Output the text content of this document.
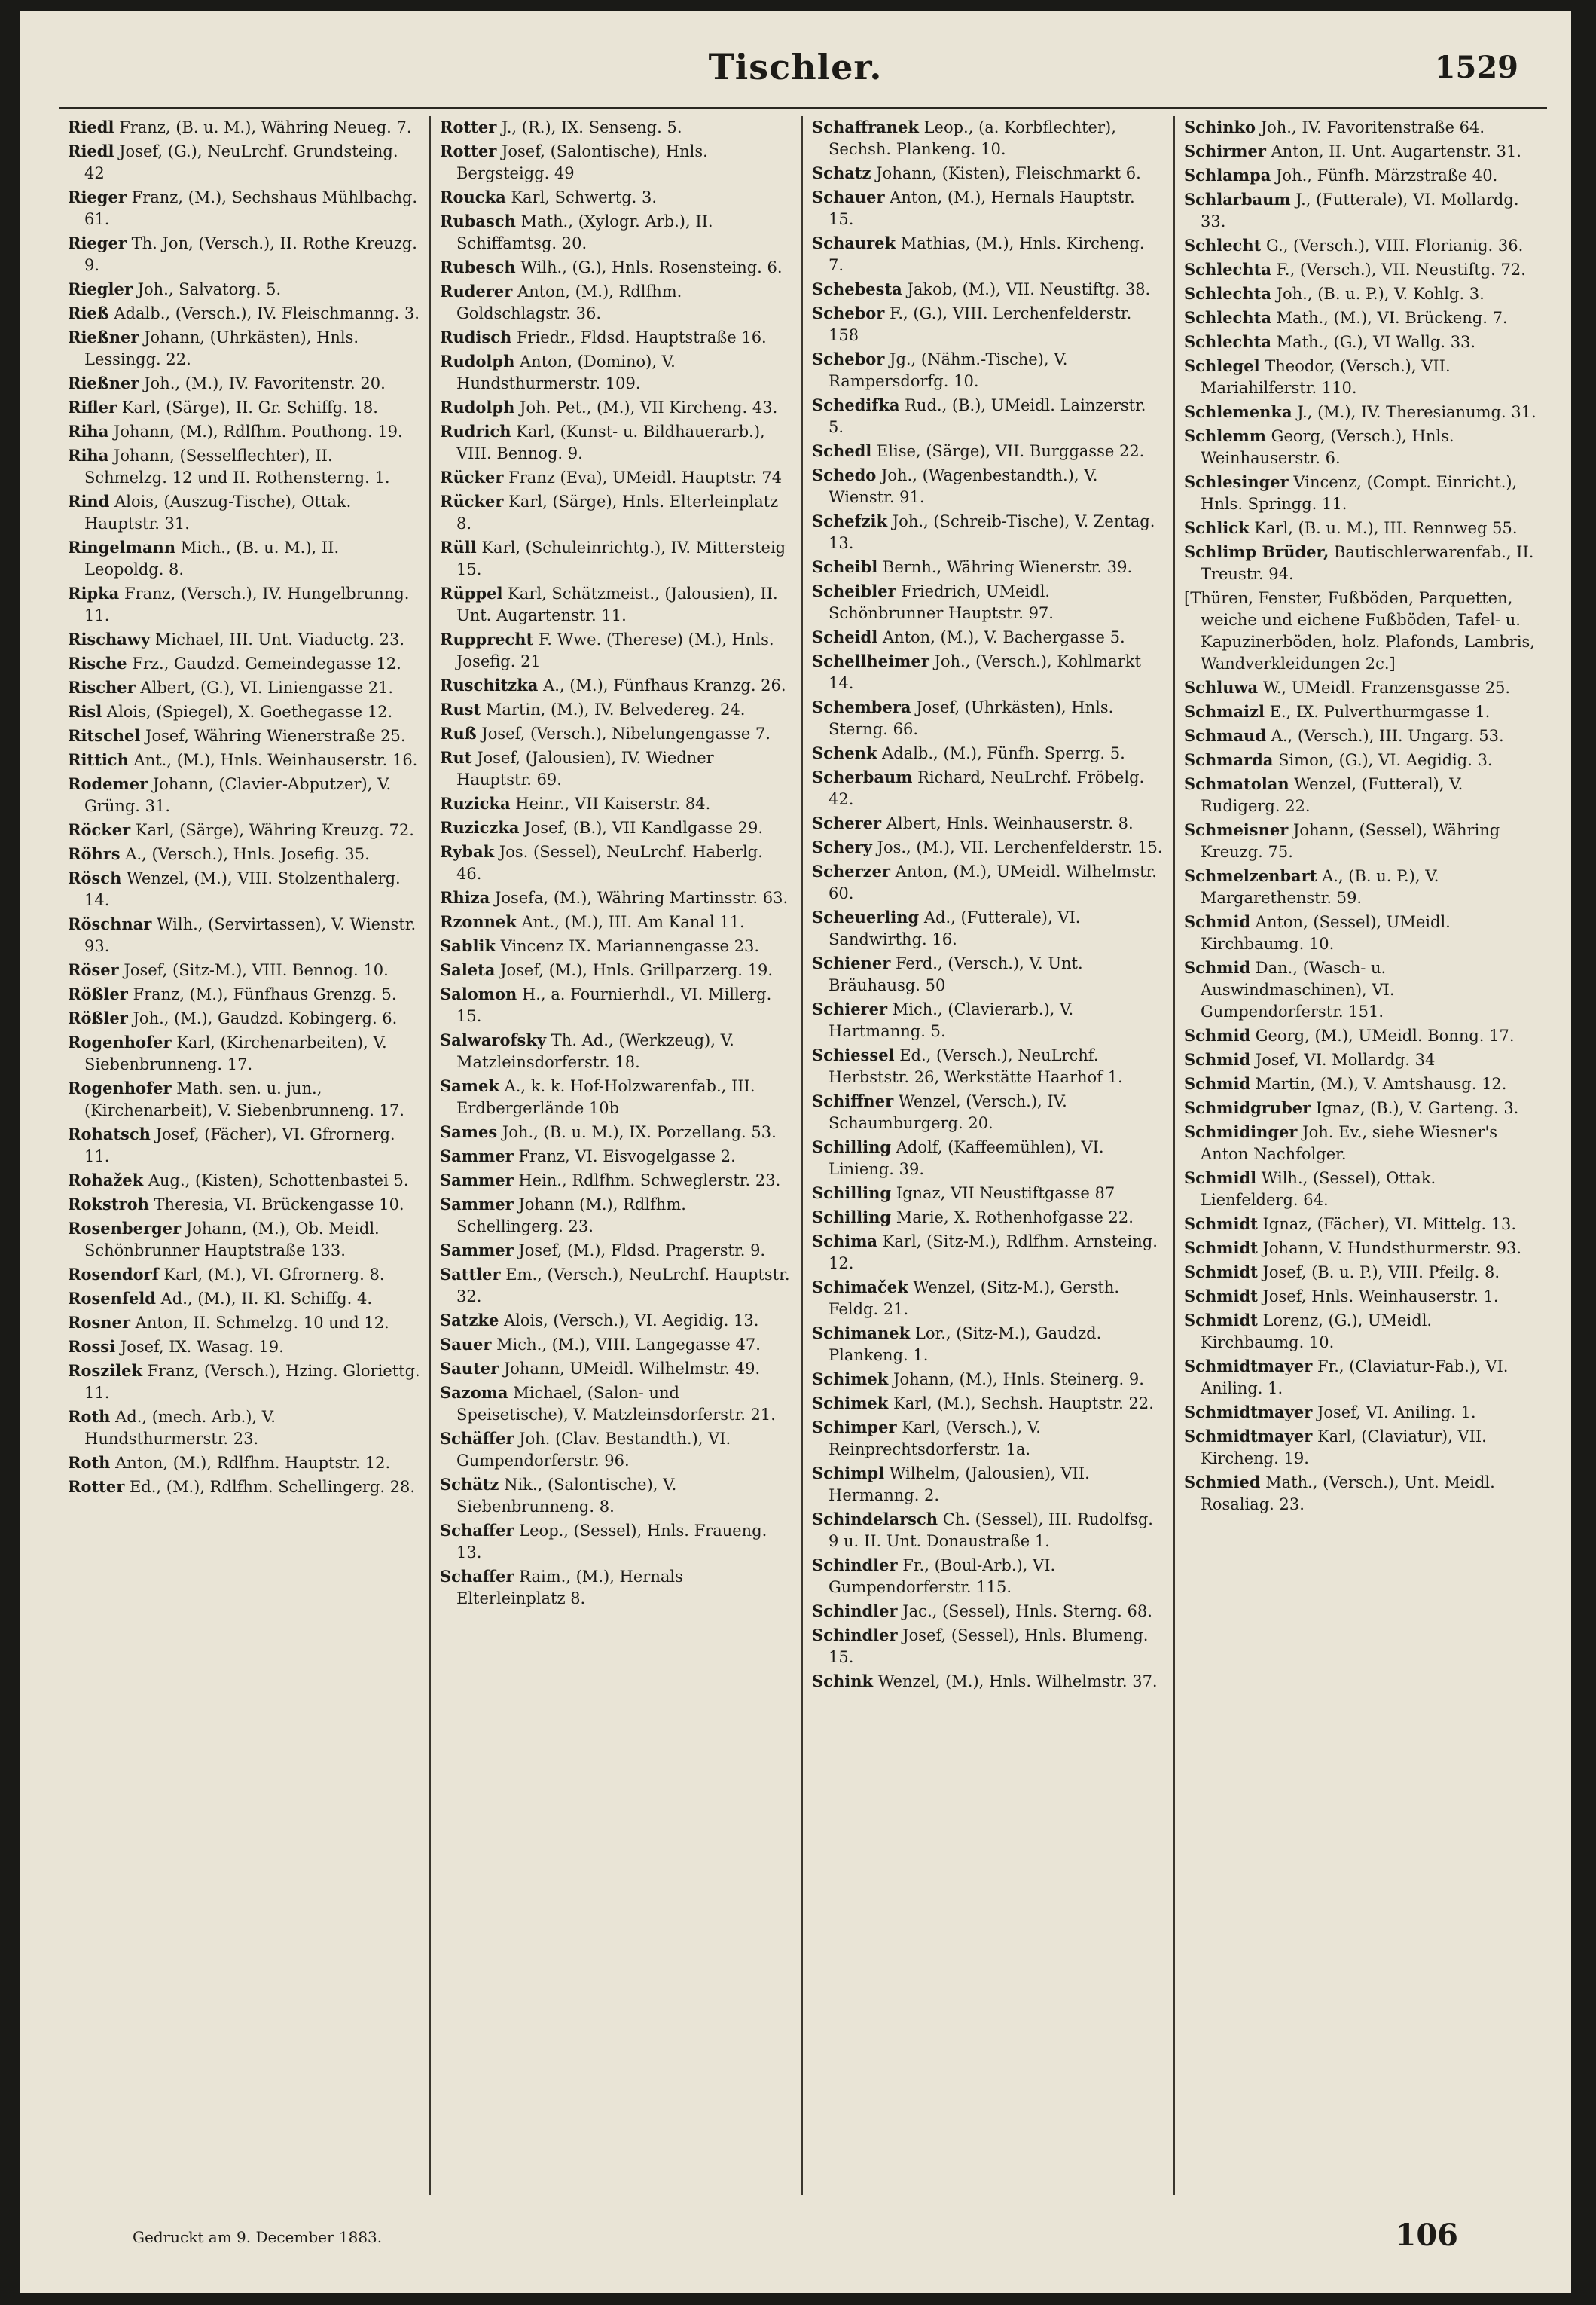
Tischler.	1529
Riedl Franz, (B. u. M.), Währing Neueg. 7.
Riedl Josef, (G.), NeuLrchf. Grundsteing. 42
Rieger Franz, (M.), Sechshaus Mühlbachg. 61.
Rieger Th. Jon, (Versch.), II. Rothe Kreuzg. 9.
Riegler Joh., Salvatorg. 5.
Rieß Adalb., (Versch.), IV. Fleischmanng. 3.
Rießner Johann, (Uhrkästen), Hnls. Lessingg. 22.
Rießner Joh., (M.), IV. Favoritenstr. 20.
Rifler Karl, (Särge), II. Gr. Schiffg. 18.
Riha Johann, (M.), Rdlfhm. Pouthong. 19.
Riha Johann, (Sesselflechter), II. Schmelzg. 12 und II. Rothensterng. 1.
Rind Alois, (Auszug-Tische), Ottak. Hauptstr. 31.
Ringelmann Mich., (B. u. M.), II. Leopoldg. 8.
Ripka Franz, (Versch.), IV. Hungelbrunng. 11.
Rischawy Michael, III. Unt. Viaductg. 23.
Rische Frz., Gaudzd. Gemeindegasse 12.
Rischer Albert, (G.), VI. Liniengasse 21.
Risl Alois, (Spiegel), X. Goethegasse 12.
Ritschel Josef, Währing Wienerstraße 25.
Rittich Ant., (M.), Hnls. Weinhauserstr. 16.
Rodemer Johann, (Clavier-Abputzer), V. Grüng. 31.
Röcker Karl, (Särge), Währing Kreuzg. 72.
Röhrs A., (Versch.), Hnls. Josefig. 35.
Rösch Wenzel, (M.), VIII. Stolzenthalerg. 14.
Röschnar Wilh., (Servirtassen), V. Wienstr. 93.
Röser Josef, (Sitz-M.), VIII. Bennog. 10.
Rößler Franz, (M.), Fünfhaus Grenzg. 5.
Rößler Joh., (M.), Gaudzd. Kobingerg. 6.
Rogenhofer Karl, (Kirchenarbeiten), V. Siebenbrunneng. 17.
Rogenhofer Math. sen. u. jun., (Kirchenarbeit), V. Siebenbrunneng. 17.
Rohatsch Josef, (Fächer), VI. Gfrornerg. 11.
Rohažek Aug., (Kisten), Schottenbastei 5.
Rokstroh Theresia, VI. Brückengasse 10.
Rosenberger Johann, (M.), Ob. Meidl. Schönbrunner Hauptstraße 133.
Rosendorf Karl, (M.), VI. Gfrornerg. 8.
Rosenfeld Ad., (M.), II. Kl. Schiffg. 4.
Rosner Anton, II. Schmelzg. 10 und 12.
Rossi Josef, IX. Wasag. 19.
Roszilek Franz, (Versch.), Hzing. Gloriettg. 11.
Roth Ad., (mech. Arb.), V. Hundsthurmerstr. 23.
Roth Anton, (M.), Rdlfhm. Hauptstr. 12.
Rotter Ed., (M.), Rdlfhm. Schellingerg. 28.
Rotter J., (R.), IX. Senseng. 5.
Rotter Josef, (Salontische), Hnls. Bergsteigg. 49
Roucka Karl, Schwertg. 3.
Rubasch Math., (Xylogr. Arb.), II. Schiffamtsg. 20.
Rubesch Wilh., (G.), Hnls. Rosensteing. 6.
Ruderer Anton, (M.), Rdlfhm. Goldschlagstr. 36.
Rudisch Friedr., Fldsd. Hauptstraße 16.
Rudolph Anton, (Domino), V. Hundsthurmerstr. 109.
Rudolph Joh. Pet., (M.), VII Kircheng. 43.
Rudrich Karl, (Kunst- u. Bildhauerarb.), VIII. Bennog. 9.
Rücker Franz (Eva), UMeidl. Hauptstr. 74
Rücker Karl, (Särge), Hnls. Elterleinplatz 8.
Rüll Karl, (Schuleinrichtg.), IV. Mittersteig 15.
Rüppel Karl, Schätzmeist., (Jalousien), II. Unt. Augartenstr. 11.
Rupprecht F. Wwe. (Therese) (M.), Hnls. Josefig. 21
Ruschitzka A., (M.), Fünfhaus Kranzg. 26.
Rust Martin, (M.), IV. Belvedereg. 24.
Ruß Josef, (Versch.), Nibelungengasse 7.
Rut Josef, (Jalousien), IV. Wiedner Hauptstr. 69.
Ruzicka Heinr., VII Kaiserstr. 84.
Ruziczka Josef, (B.), VII Kandlgasse 29.
Rybak Jos. (Sessel), NeuLrchf. Haberlg. 46.
Rhiza Josefa, (M.), Währing Martinsstr. 63.
Rzonnek Ant., (M.), III. Am Kanal 11.
Sablik Vincenz IX. Mariannengasse 23.
Saleta Josef, (M.), Hnls. Grillparzerg. 19.
Salomon H., a. Fournierhdl., VI. Millerg. 15.
Salwarofsky Th. Ad., (Werkzeug), V. Matzleinsdorferstr. 18.
Samek A., k. k. Hof-Holzwarenfab., III. Erdbergerlände 10b
Sames Joh., (B. u. M.), IX. Porzellang. 53.
Sammer Franz, VI. Eisvogelgasse 2.
Sammer Hein., Rdlfhm. Schweglerstr. 23.
Sammer Johann (M.), Rdlfhm. Schellingerg. 23.
Sammer Josef, (M.), Fldsd. Pragerstr. 9.
Sattler Em., (Versch.), NeuLrchf. Hauptstr. 32.
Satzke Alois, (Versch.), VI. Aegidig. 13.
Sauer Mich., (M.), VIII. Langegasse 47.
Sauter Johann, UMeidl. Wilhelmstr. 49.
Sazoma Michael, (Salon- und Speisetische), V. Matzleinsdorferstr. 21.
Schäffer Joh. (Clav. Bestandth.), VI. Gumpendorferstr. 96.
Schätz Nik., (Salontische), V. Siebenbrunneng. 8.
Schaffer Leop., (Sessel), Hnls. Fraueng. 13.
Schaffer Raim., (M.), Hernals Elterleinplatz 8.
Schaffranek Leop., (a. Korbflechter), Sechsh. Plankeng. 10.
Schatz Johann, (Kisten), Fleischmarkt 6.
Schauer Anton, (M.), Hernals Hauptstr. 15.
Schaurek Mathias, (M.), Hnls. Kircheng. 7.
Schebesta Jakob, (M.), VII. Neustiftg. 38.
Schebor F., (G.), VIII. Lerchenfelderstr. 158
Schebor Jg., (Nähm.-Tische), V. Rampersdorfg. 10.
Schedifka Rud., (B.), UMeidl. Lainzerstr. 5.
Schedl Elise, (Särge), VII. Burggasse 22.
Schedo Joh., (Wagenbestandth.), V. Wienstr. 91.
Schefzik Joh., (Schreib-Tische), V. Zentag. 13.
Scheibl Bernh., Währing Wienerstr. 39.
Scheibler Friedrich, UMeidl. Schönbrunner Hauptstr. 97.
Scheidl Anton, (M.), V. Bachergasse 5.
Schellheimer Joh., (Versch.), Kohlmarkt 14.
Schembera Josef, (Uhrkästen), Hnls. Sterng. 66.
Schenk Adalb., (M.), Fünfh. Sperrg. 5.
Scherbaum Richard, NeuLrchf. Fröbelg. 42.
Scherer Albert, Hnls. Weinhauserstr. 8.
Schery Jos., (M.), VII. Lerchenfelderstr. 15.
Scherzer Anton, (M.), UMeidl. Wilhelmstr. 60.
Scheuerling Ad., (Futterale), VI. Sandwirthg. 16.
Schiener Ferd., (Versch.), V. Unt. Bräuhausg. 50
Schierer Mich., (Clavierarb.), V. Hartmanng. 5.
Schiessel Ed., (Versch.), NeuLrchf. Herbststr. 26, Werkstätte Haarhof 1.
Schiffner Wenzel, (Versch.), IV. Schaumburgerg. 20.
Schilling Adolf, (Kaffeemühlen), VI. Linieng. 39.
Schilling Ignaz, VII Neustiftgasse 87
Schilling Marie, X. Rothenhofgasse 22.
Schima Karl, (Sitz-M.), Rdlfhm. Arnsteing. 12.
Schimaček Wenzel, (Sitz-M.), Gersth. Feldg. 21.
Schimanek Lor., (Sitz-M.), Gaudzd. Plankeng. 1.
Schimek Johann, (M.), Hnls. Steinerg. 9.
Schimek Karl, (M.), Sechsh. Hauptstr. 22.
Schimper Karl, (Versch.), V. Reinprechtsdorferstr. 1a.
Schimpl Wilhelm, (Jalousien), VII. Hermanng. 2.
Schindelarsch Ch. (Sessel), III. Rudolfsg. 9 u. II. Unt. Donaustraße 1.
Schindler Fr., (Boul-Arb.), VI. Gumpendorferstr. 115.
Schindler Jac., (Sessel), Hnls. Sterng. 68.
Schindler Josef, (Sessel), Hnls. Blumeng. 15.
Schink Wenzel, (M.), Hnls. Wilhelmstr. 37.
Schinko Joh., IV. Favoritenstraße 64.
Schirmer Anton, II. Unt. Augartenstr. 31.
Schlampa Joh., Fünfh. Märzstraße 40.
Schlarbaum J., (Futterale), VI. Mollardg. 33.
Schlecht G., (Versch.), VIII. Florianig. 36.
Schlechta F., (Versch.), VII. Neustiftg. 72.
Schlechta Joh., (B. u. P.), V. Kohlg. 3.
Schlechta Math., (M.), VI. Brückeng. 7.
Schlechta Math., (G.), VI Wallg. 33.
Schlegel Theodor, (Versch.), VII. Mariahilferstr. 110.
Schlemenka J., (M.), IV. Theresianumg. 31.
Schlemm Georg, (Versch.), Hnls. Weinhauserstr. 6.
Schlesinger Vincenz, (Compt. Einricht.), Hnls. Springg. 11.
Schlick Karl, (B. u. M.), III. Rennweg 55.
Schlimp Brüder, Bautischlerwarenfab., II. Treustr. 94.
[Thüren, Fenster, Fußböden, Parquetten, weiche und eichene Fußböden, Tafel- u. Kapuzinerböden, holz. Plafonds, Lambris, Wandverkleidungen 2c.]
Schluwa W., UMeidl. Franzensgasse 25.
Schmaizl E., IX. Pulverthurmgasse 1.
Schmaud A., (Versch.), III. Ungarg. 53.
Schmarda Simon, (G.), VI. Aegidig. 3.
Schmatolan Wenzel, (Futteral), V. Rudigerg. 22.
Schmeisner Johann, (Sessel), Währing Kreuzg. 75.
Schmelzenbart A., (B. u. P.), V. Margarethenstr. 59.
Schmid Anton, (Sessel), UMeidl. Kirchbaumg. 10.
Schmid Dan., (Wasch- u. Auswindmaschinen), VI. Gumpendorferstr. 151.
Schmid Georg, (M.), UMeidl. Bonng. 17.
Schmid Josef, VI. Mollardg. 34
Schmid Martin, (M.), V. Amtshausg. 12.
Schmidgruber Ignaz, (B.), V. Garteng. 3.
Schmidinger Joh. Ev., siehe Wiesner's Anton Nachfolger.
Schmidl Wilh., (Sessel), Ottak. Lienfelderg. 64.
Schmidt Ignaz, (Fächer), VI. Mittelg. 13.
Schmidt Johann, V. Hundsthurmerstr. 93.
Schmidt Josef, (B. u. P.), VIII. Pfeilg. 8.
Schmidt Josef, Hnls. Weinhauserstr. 1.
Schmidt Lorenz, (G.), UMeidl. Kirchbaumg. 10.
Schmidtmayer Fr., (Claviatur-Fab.), VI. Aniling. 1.
Schmidtmayer Josef, VI. Aniling. 1.
Schmidtmayer Karl, (Claviatur), VII. Kircheng. 19.
Schmied Math., (Versch.), Unt. Meidl. Rosaliag. 23.
Gedruckt am 9. December 1883.	106
